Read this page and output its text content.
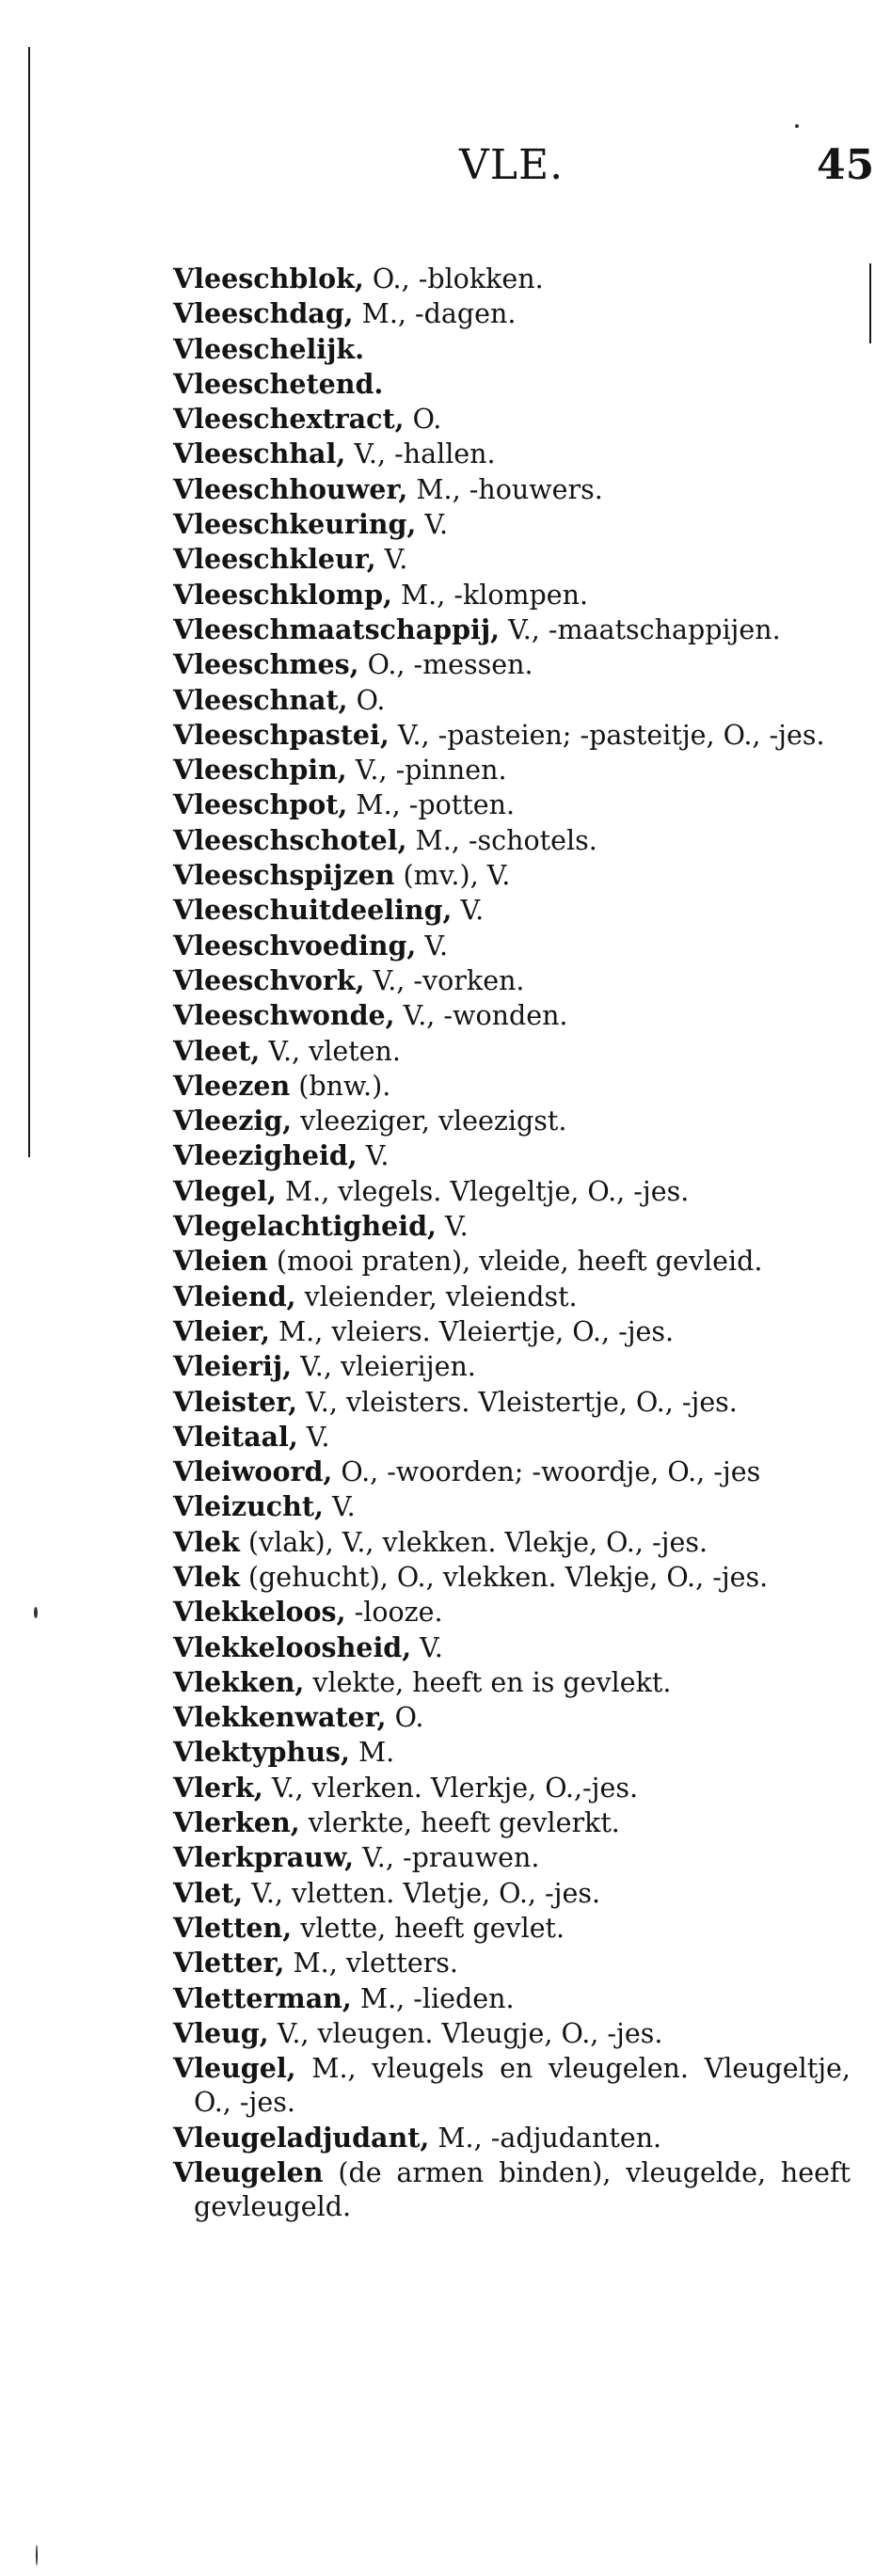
VLE.	45
Vleeschblok, O., -blokken.
Vleeschdag, M., -dagen.
Vleeschelijk.
Vleeschetend.
Vleeschextract, O.
Vleeschhal, V., -hallen.
Vleeschhouwer, M., -houwers.
Vleeschkeuring, V.
Vleeschkleur, V.
Vleeschklomp, M., -klompen.
Vleeschmaatschappij, V., -maatschappijen.
Vleeschmes, O., -messen.
Vleeschnat, O.
Vleeschpastei, V., -pasteien; -pasteitje, O., -jes.
Vleeschpin, V., -pinnen.
Vleeschpot, M., -potten.
Vleeschschotel, M., -schotels.
Vleeschspijzen (mv.), V.
Vleeschuitdeeling, V.
Vleeschvoeding, V.
Vleeschvork, V., -vorken.
Vleeschwonde, V., -wonden.
Vleet, V., vleten.
Vleezen (bnw.).
Vleezig, vleeziger, vleezigst.
Vleezigheid, V.
Vlegel, M., vlegels. Vlegeltje, O., -jes.
Vlegelachtigheid, V.
Vleien (mooi praten), vleide, heeft gevleid.
Vleiend, vleiender, vleiendst.
Vleier, M., vleiers. Vleiertje, O., -jes.
Vleierij, V., vleierijen.
Vleister, V., vleisters. Vleistertje, O., -jes.
Vleitaal, V.
Vleiwoord, O., -woorden; -woordje, O., -jes
Vleizucht, V.
Vlek (vlak), V., vlekken. Vlekje, O., -jes.
Vlek (gehucht), O., vlekken. Vlekje, O., -jes.
Vlekkeloos, -looze.
Vlekkeloosheid, V.
Vlekken, vlekte, heeft en is gevlekt.
Vlekkenwater, O.
Vlektyphus, M.
Vlerk, V., vlerken. Vlerkje, O.,-jes.
Vlerken, vlerkte, heeft gevlerkt.
Vlerkprauw, V., -prauwen.
Vlet, V., vletten. Vletje, O., -jes.
Vletten, vlette, heeft gevlet.
Vletter, M., vletters.
Vletterman, M., -lieden.
Vleug, V., vleugen. Vleugje, O., -jes.
Vleugel, M., vleugels en vleugelen. Vleugeltje, O., -jes.
Vleugeladjudant, M., -adjudanten.
Vleugelen (de armen binden), vleugelde, heeft gevleugeld.
